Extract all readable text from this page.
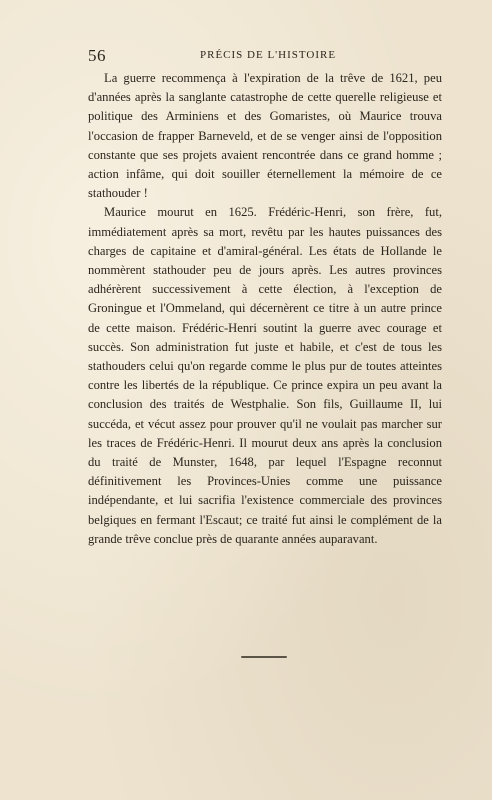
56	PRÉCIS DE L'HISTOIRE

La guerre recommença à l'expiration de la trêve de 1621, peu d'années après la sanglante catastrophe de cette querelle religieuse et politique des Arminiens et des Gomaristes, où Maurice trouva l'occasion de frapper Barneveld, et de se venger ainsi de l'opposition constante que ses projets avaient rencontrée dans ce grand homme ; action infâme, qui doit souiller éternellement la mémoire de ce stathouder !

Maurice mourut en 1625. Frédéric-Henri, son frère, fut, immédiatement après sa mort, revêtu par les hautes puissances des charges de capitaine et d'amiral-général. Les états de Hollande le nommèrent stathouder peu de jours après. Les autres provinces adhérèrent successivement à cette élection, à l'exception de Groningue et l'Ommeland, qui décernèrent ce titre à un autre prince de cette maison. Frédéric-Henri soutint la guerre avec courage et succès. Son administration fut juste et habile, et c'est de tous les stathouders celui qu'on regarde comme le plus pur de toutes atteintes contre les libertés de la république. Ce prince expira un peu avant la conclusion des traités de Westphalie. Son fils, Guillaume II, lui succéda, et vécut assez pour prouver qu'il ne voulait pas marcher sur les traces de Frédéric-Henri. Il mourut deux ans après la conclusion du traité de Munster, 1648, par lequel l'Espagne reconnut définitivement les Provinces-Unies comme une puissance indépendante, et lui sacrifia l'existence commerciale des provinces belgiques en fermant l'Escaut; ce traité fut ainsi le complément de la grande trêve conclue près de quarante années auparavant.
